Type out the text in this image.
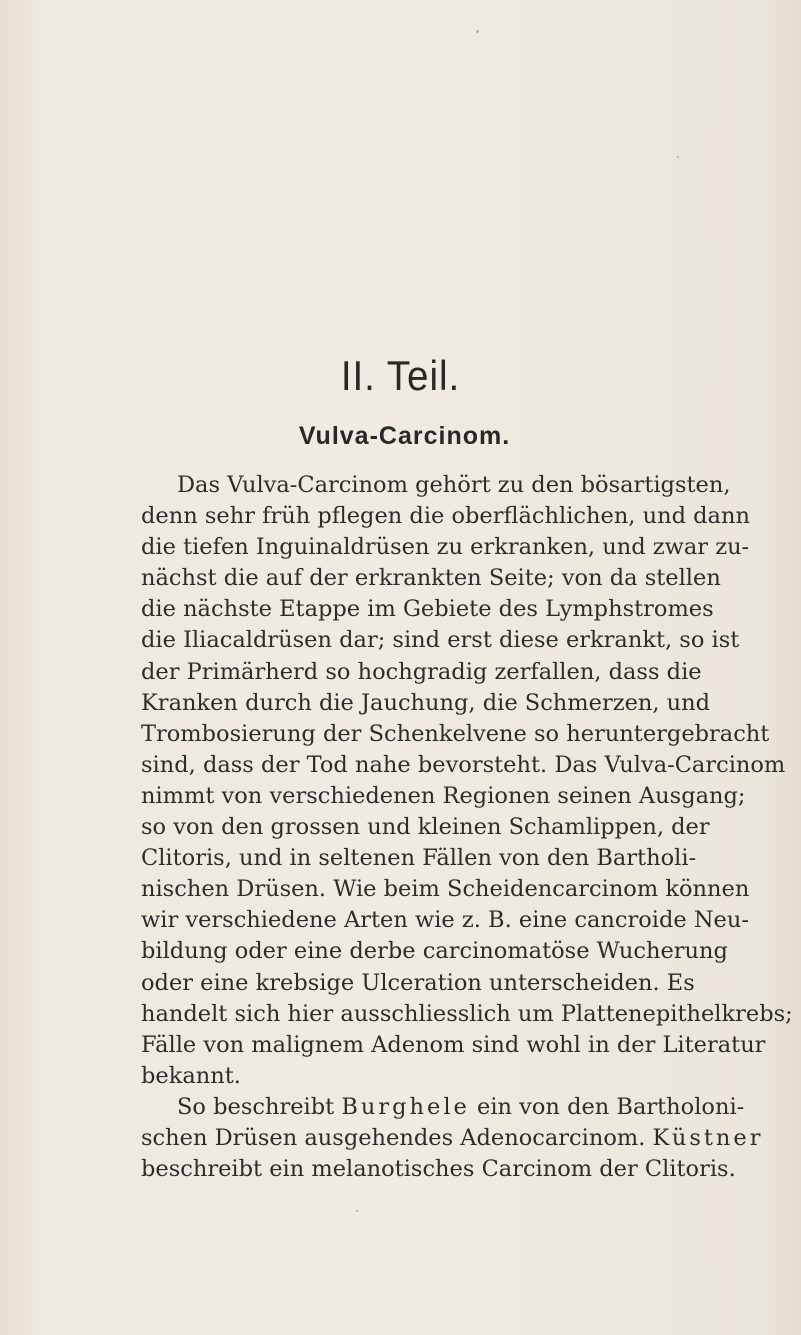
II. Teil.
Vulva-Carcinom.
Das Vulva-Carcinom gehört zu den bösartigsten,
denn sehr früh pflegen die oberflächlichen, und dann
die tiefen Inguinaldrüsen zu erkranken, und zwar zu-
nächst die auf der erkrankten Seite; von da stellen
die nächste Etappe im Gebiete des Lymphstromes
die Iliacaldrüsen dar; sind erst diese erkrankt, so ist
der Primärherd so hochgradig zerfallen, dass die
Kranken durch die Jauchung, die Schmerzen, und
Trombosierung der Schenkelvene so heruntergebracht
sind, dass der Tod nahe bevorsteht. Das Vulva-Carcinom
nimmt von verschiedenen Regionen seinen Ausgang;
so von den grossen und kleinen Schamlippen, der
Clitoris, und in seltenen Fällen von den Bartholi-
nischen Drüsen. Wie beim Scheidencarcinom können
wir verschiedene Arten wie z. B. eine cancroide Neu-
bildung oder eine derbe carcinomatöse Wucherung
oder eine krebsige Ulceration unterscheiden. Es
handelt sich hier ausschliesslich um Plattenepithelkrebs;
Fälle von malignem Adenom sind wohl in der Literatur
bekannt.
So beschreibt Burghele ein von den Bartholoni-
schen Drüsen ausgehendes Adenocarcinom. Küstner
beschreibt ein melanotisches Carcinom der Clitoris.
